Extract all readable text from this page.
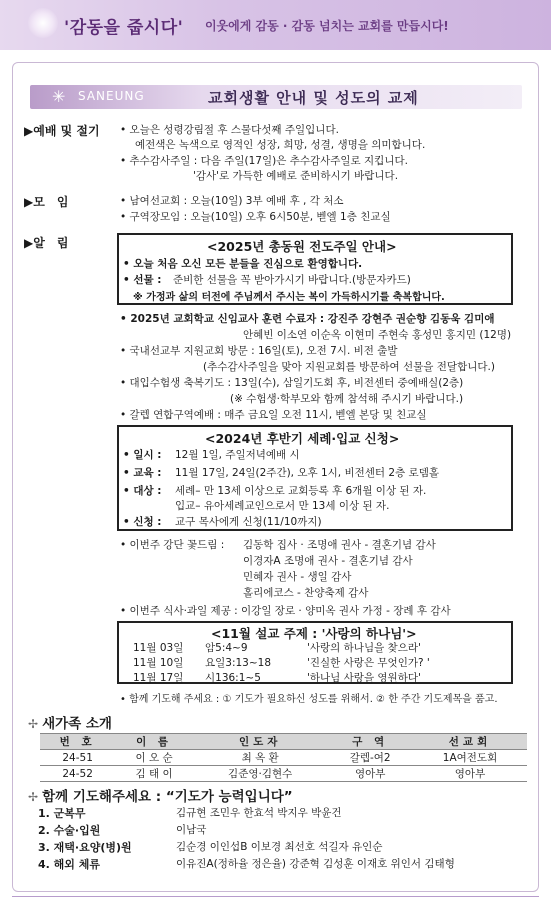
'감동을 줍시다' 이웃에게 감동 · 감동 넘치는 교회를 만듭시다!
✳ SANEUNG	교회생활 안내 및 성도의 교제
▶예배 및 절기 • 오늘은 성령강림절 후 스물다섯째 주일입니다.
예전색은 녹색으로 영적인 성장, 희망, 성결, 생명을 의미합니다.
• 추수감사주일 : 다음 주일(17일)은 추수감사주일로 지킵니다.
'감사'로 가득한 예배로 준비하시기 바랍니다.
▶모　임	• 남여선교회 : 오늘(10일) 3부 예배 후 , 각 처소
• 구역장모임 : 오늘(10일) 오후 6시50분, 벧엘 1층 친교실
▶알　림	<2025년 총동원 전도주일 안내>
• 오늘 처음 오신 모든 분들을 진심으로 환영합니다.
• 선물 : 준비한 선물을 꼭 받아가시기 바랍니다.(방문자카드)
※ 가정과 삶의 터전에 주님께서 주시는 복이 가득하시기를 축복합니다.
• 2025년 교회학교 신임교사 훈련 수료자 : 강진주 강현주 권순향 김동욱 김미애
안혜빈 이소연 이순옥 이현미 주현숙 홍성민 홍지민 (12명)
• 국내선교부 지원교회 방문 : 16일(토), 오전 7시. 비전 출발
(추수감사주일을 맞아 지원교회를 방문하여 선물을 전달합니다.)
• 대입수험생 축복기도 : 13일(수), 삼일기도회 후, 비전센터 중예배실(2층)
(※ 수험생·학부모와 함께 참석해 주시기 바랍니다.)
• 갈렙 연합구역예배 : 매주 금요일 오전 11시, 벧엘 본당 및 친교실
<2024년 후반기 세례·입교 신청>
• 일시 : 12월 1일, 주일저녁예배 시
• 교육 : 11월 17일, 24일(2주간), 오후 1시, 비전센터 2층 로뎀홀
• 대상 : 세례– 만 13세 이상으로 교회등록 후 6개월 이상 된 자.
입교– 유아세례교인으로서 만 13세 이상 된 자.
• 신청 : 교구 목사에게 신청(11/10까지)
• 이번주 강단 꽃드림 : 김동학 집사 · 조명애 권사 - 결혼기념 감사
이경자A 조명애 권사 - 결혼기념 감사
민혜자 권사 - 생일 감사
홀리에코스 - 찬양축제 감사
• 이번주 식사·과일 제공 : 이강일 장로 · 양미옥 권사 가정 - 장례 후 감사
<11월 설교 주제 : '사랑의 하나님'>
11월 03일 암5:4~9	'사랑의 하나님을 찾으라'
11월 10일 요일3:13~18	'진실한 사랑은 무엇인가? '
11월 17일 시136:1~5	'하나님 사랑을 영원하다'
• 함께 기도해 주세요 : ① 기도가 필요하신 성도를 위해서. ② 한 주간 기도제목을 품고.
✢ 새가족 소개
번 호	이 름	인도자	구 역	선교회
24-51	이 오 순	최 옥 환	갈렙-여2	1A여전도회
24-52	김 태 이	김준영·김현수	영아부	영아부
✢ 함께 기도해주세요 : “기도가 능력입니다”
1. 군복무	김규현 조민우 한효석 박지우 박윤건
2. 수술·입원	이남국
3. 재택·요양(병)원	김순경 이인섭B 이보경 최선호 석길자 유인순
4. 해외 체류	이유진A(정하율 정은율) 강준혁 김성훈 이재호 위인서 김태형
